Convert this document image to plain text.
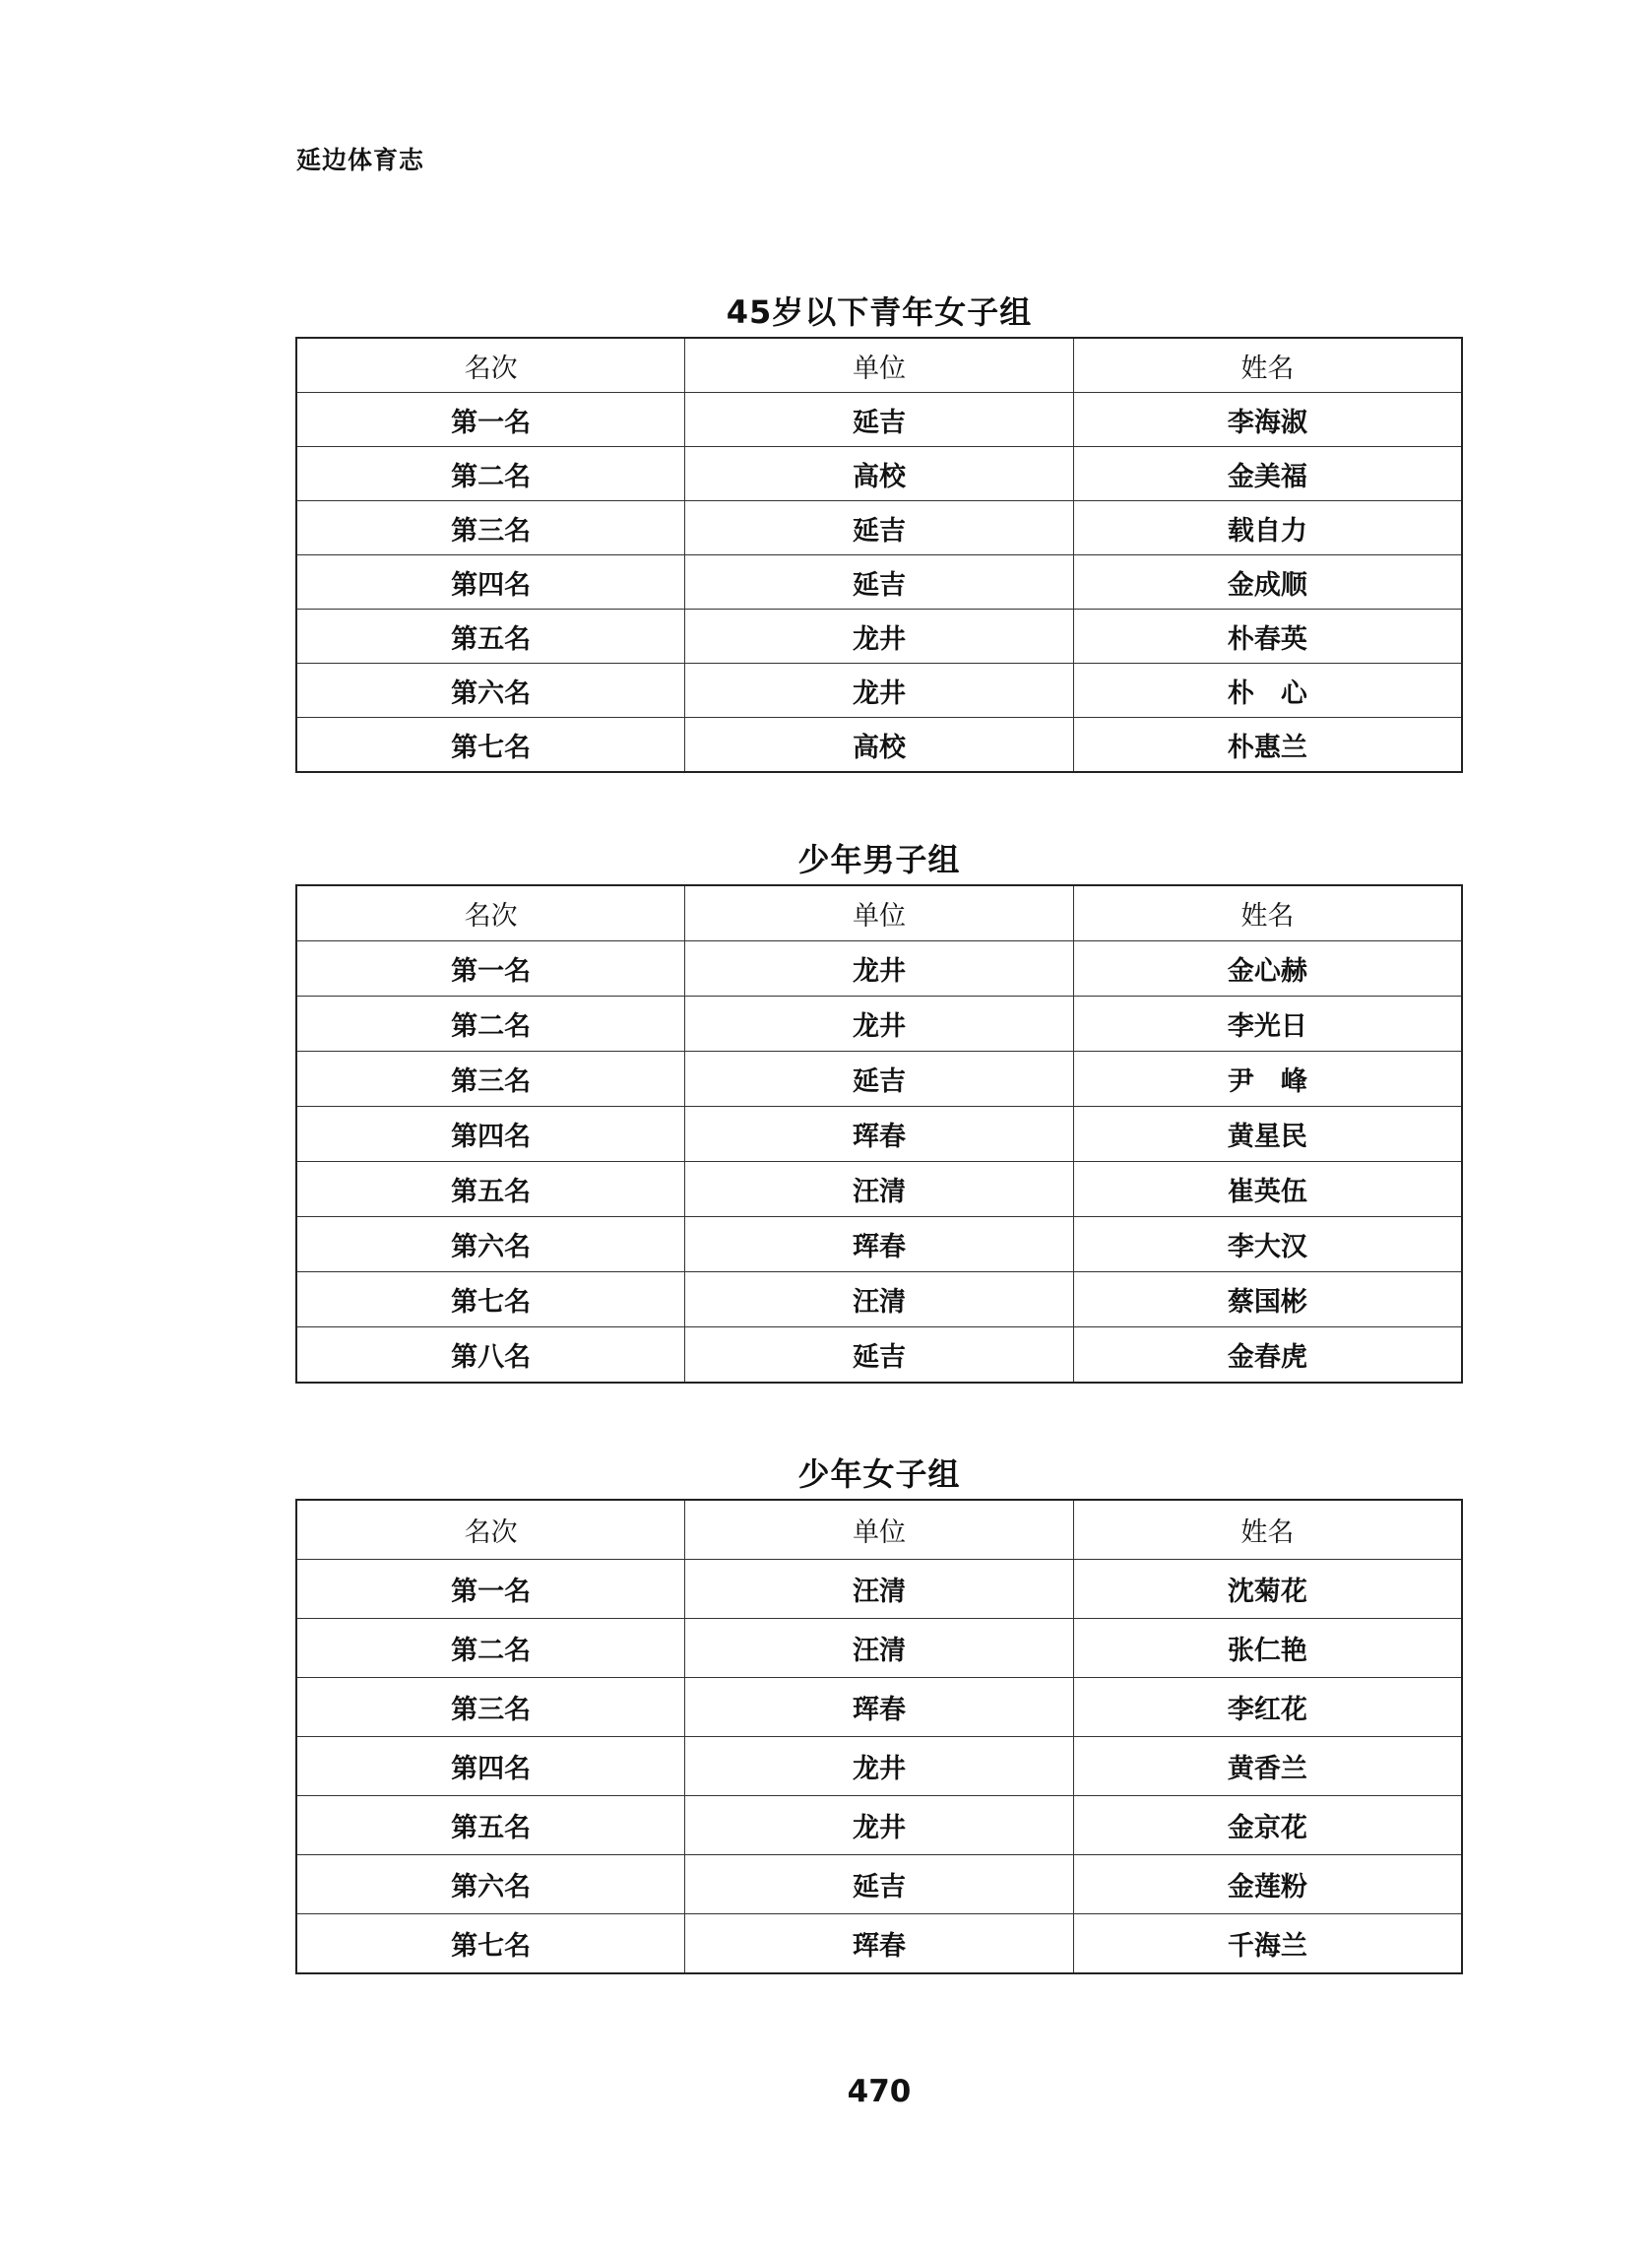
延边体育志
45岁以下青年女子组
名次	单位	姓名
第一名	延吉	李海淑
第二名	高校	金美福
第三名	延吉	载自力
第四名	延吉	金成顺
第五名	龙井	朴春英
第六名	龙井	朴　心
第七名	高校	朴惠兰
少年男子组
名次	单位	姓名
第一名	龙井	金心赫
第二名	龙井	李光日
第三名	延吉	尹　峰
第四名	珲春	黄星民
第五名	汪清	崔英伍
第六名	珲春	李大汉
第七名	汪清	蔡国彬
第八名	延吉	金春虎
少年女子组
名次	单位	姓名
第一名	汪清	沈菊花
第二名	汪清	张仁艳
第三名	珲春	李红花
第四名	龙井	黄香兰
第五名	龙井	金京花
第六名	延吉	金莲粉
第七名	珲春	千海兰
470
